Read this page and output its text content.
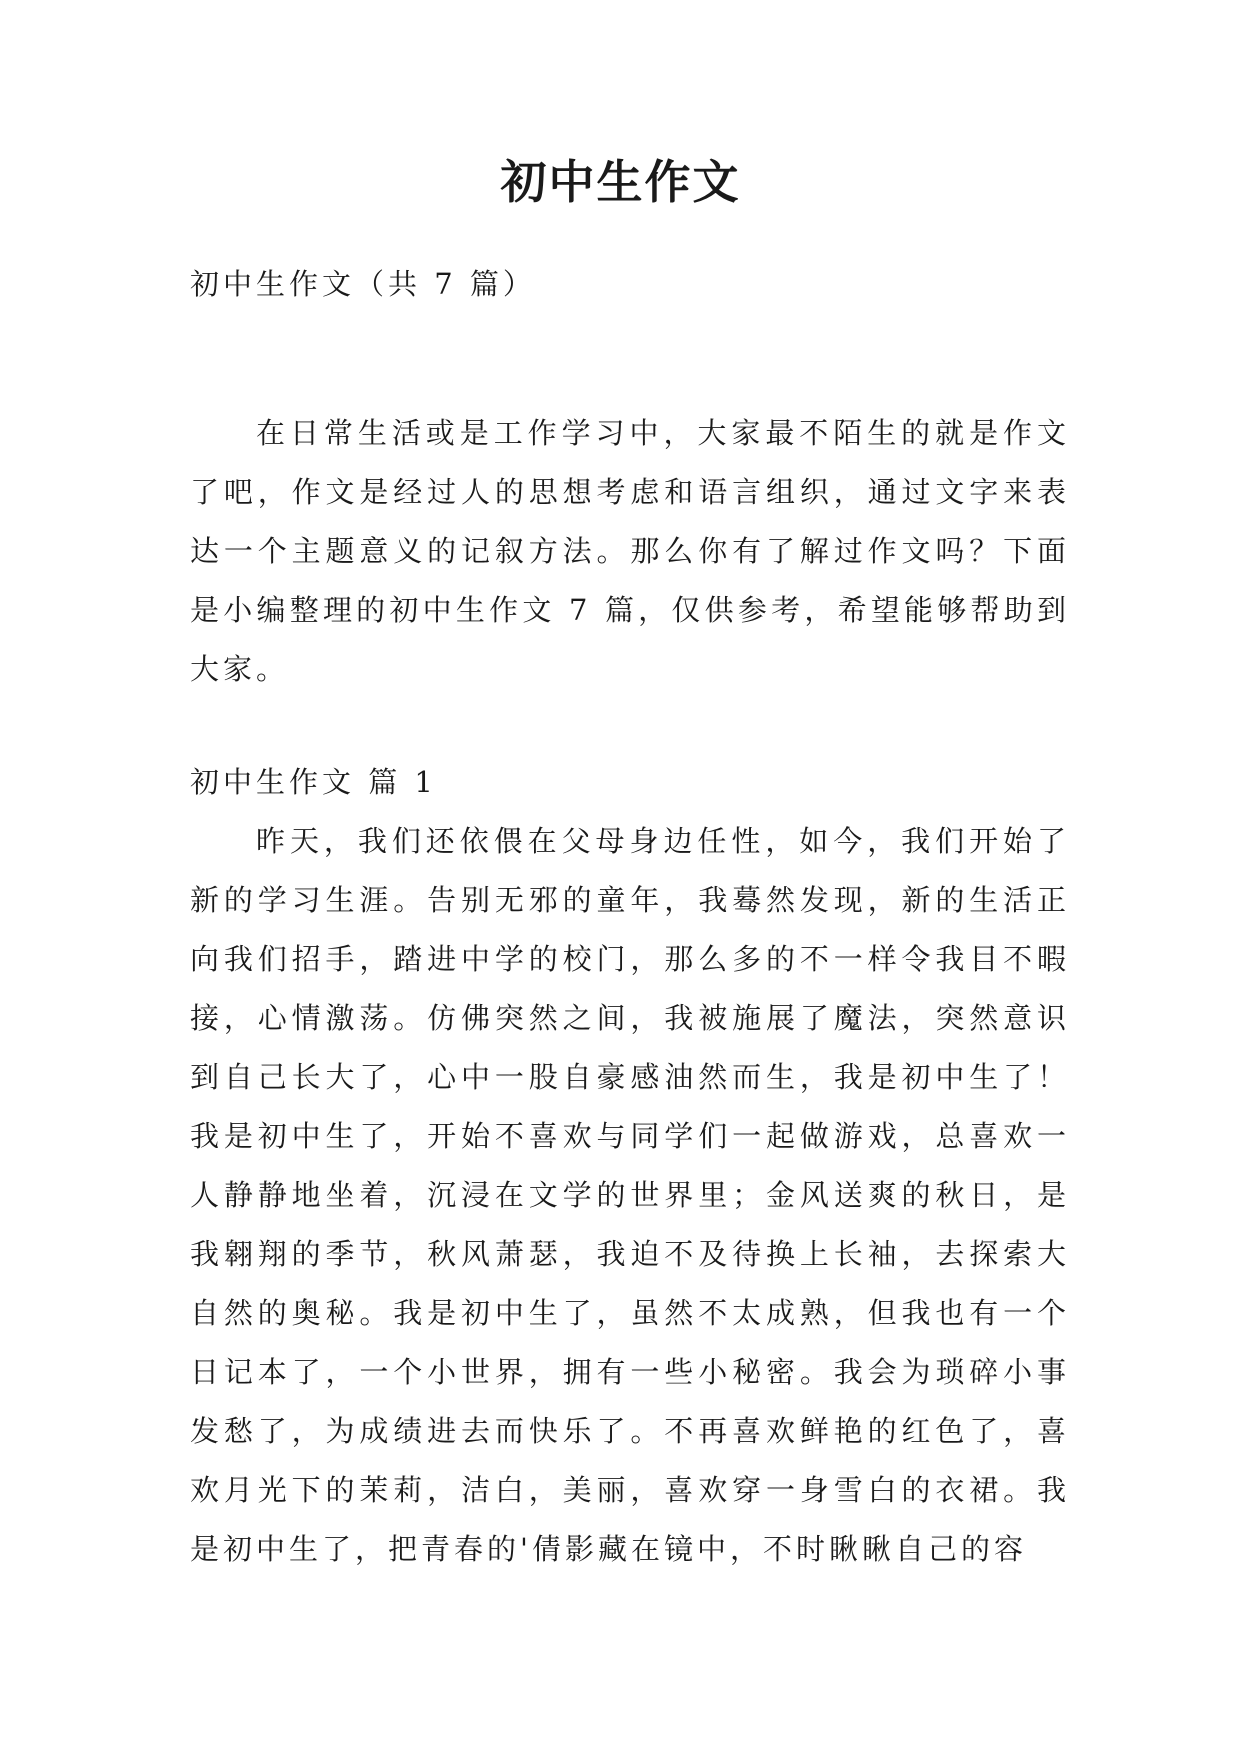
初中生作文
初中生作文（共 7 篇）

在日常生活或是工作学习中，大家最不陌生的就是作文了吧，作文是经过人的思想考虑和语言组织，通过文字来表达一个主题意义的记叙方法。那么你有了解过作文吗？下面是小编整理的初中生作文 7 篇，仅供参考，希望能够帮助到大家。

初中生作文 篇 1

昨天，我们还依偎在父母身边任性，如今，我们开始了新的学习生涯。告别无邪的童年，我蓦然发现，新的生活正向我们招手，踏进中学的校门，那么多的不一样令我目不暇接，心情激荡。仿佛突然之间，我被施展了魔法，突然意识到自己长大了，心中一股自豪感油然而生，我是初中生了！我是初中生了，开始不喜欢与同学们一起做游戏，总喜欢一人静静地坐着，沉浸在文学的世界里；金风送爽的秋日，是我翱翔的季节，秋风萧瑟，我迫不及待换上长袖，去探索大自然的奥秘。我是初中生了，虽然不太成熟，但我也有一个日记本了，一个小世界，拥有一些小秘密。我会为琐碎小事发愁了，为成绩进去而快乐了。不再喜欢鲜艳的红色了，喜欢月光下的茉莉，洁白，美丽，喜欢穿一身雪白的衣裙。我是初中生了，把青春的'倩影藏在镜中，不时瞅瞅自己的容
